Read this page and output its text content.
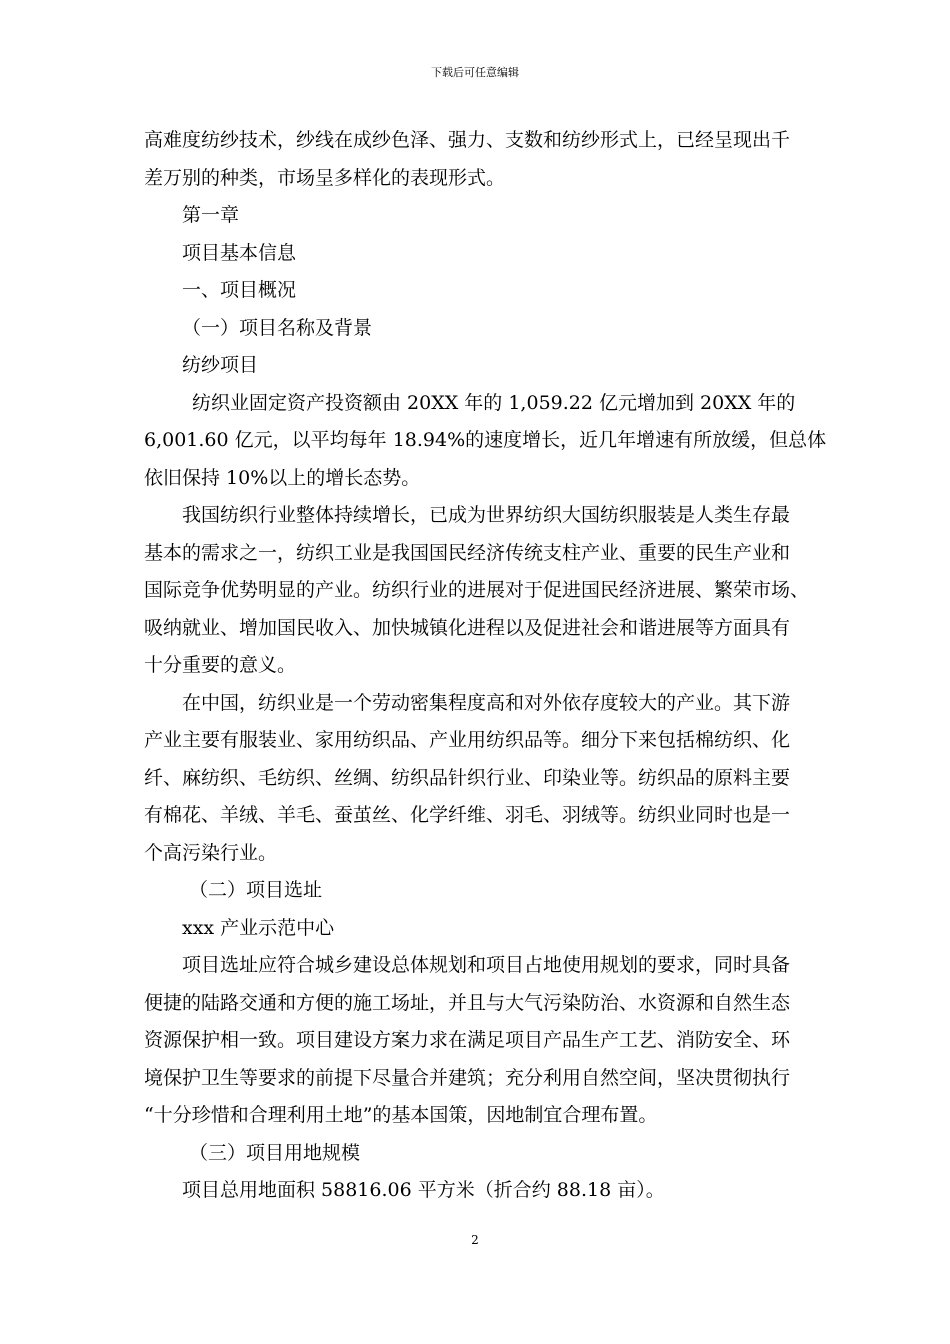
下载后可任意编辑
高难度纺纱技术，纱线在成纱色泽、强力、支数和纺纱形式上，已经呈现出千
差万别的种类，市场呈多样化的表现形式。
第一章
项目基本信息
一、项目概况
（一）项目名称及背景
纺纱项目
纺织业固定资产投资额由 20XX 年的 1,059.22 亿元增加到 20XX 年的
6,001.60 亿元，以平均每年 18.94%的速度增长，近几年增速有所放缓，但总体
依旧保持 10%以上的增长态势。
我国纺织行业整体持续增长，已成为世界纺织大国纺织服装是人类生存最
基本的需求之一，纺织工业是我国国民经济传统支柱产业、重要的民生产业和
国际竞争优势明显的产业。纺织行业的进展对于促进国民经济进展、繁荣市场、
吸纳就业、增加国民收入、加快城镇化进程以及促进社会和谐进展等方面具有
十分重要的意义。
在中国，纺织业是一个劳动密集程度高和对外依存度较大的产业。其下游
产业主要有服装业、家用纺织品、产业用纺织品等。细分下来包括棉纺织、化
纤、麻纺织、毛纺织、丝绸、纺织品针织行业、印染业等。纺织品的原料主要
有棉花、羊绒、羊毛、蚕茧丝、化学纤维、羽毛、羽绒等。纺织业同时也是一
个高污染行业。
（二）项目选址
xxx 产业示范中心
项目选址应符合城乡建设总体规划和项目占地使用规划的要求，同时具备
便捷的陆路交通和方便的施工场址，并且与大气污染防治、水资源和自然生态
资源保护相一致。项目建设方案力求在满足项目产品生产工艺、消防安全、环
境保护卫生等要求的前提下尽量合并建筑；充分利用自然空间，坚决贯彻执行
“十分珍惜和合理利用土地”的基本国策，因地制宜合理布置。
（三）项目用地规模
项目总用地面积 58816.06 平方米（折合约 88.18 亩）。
2
